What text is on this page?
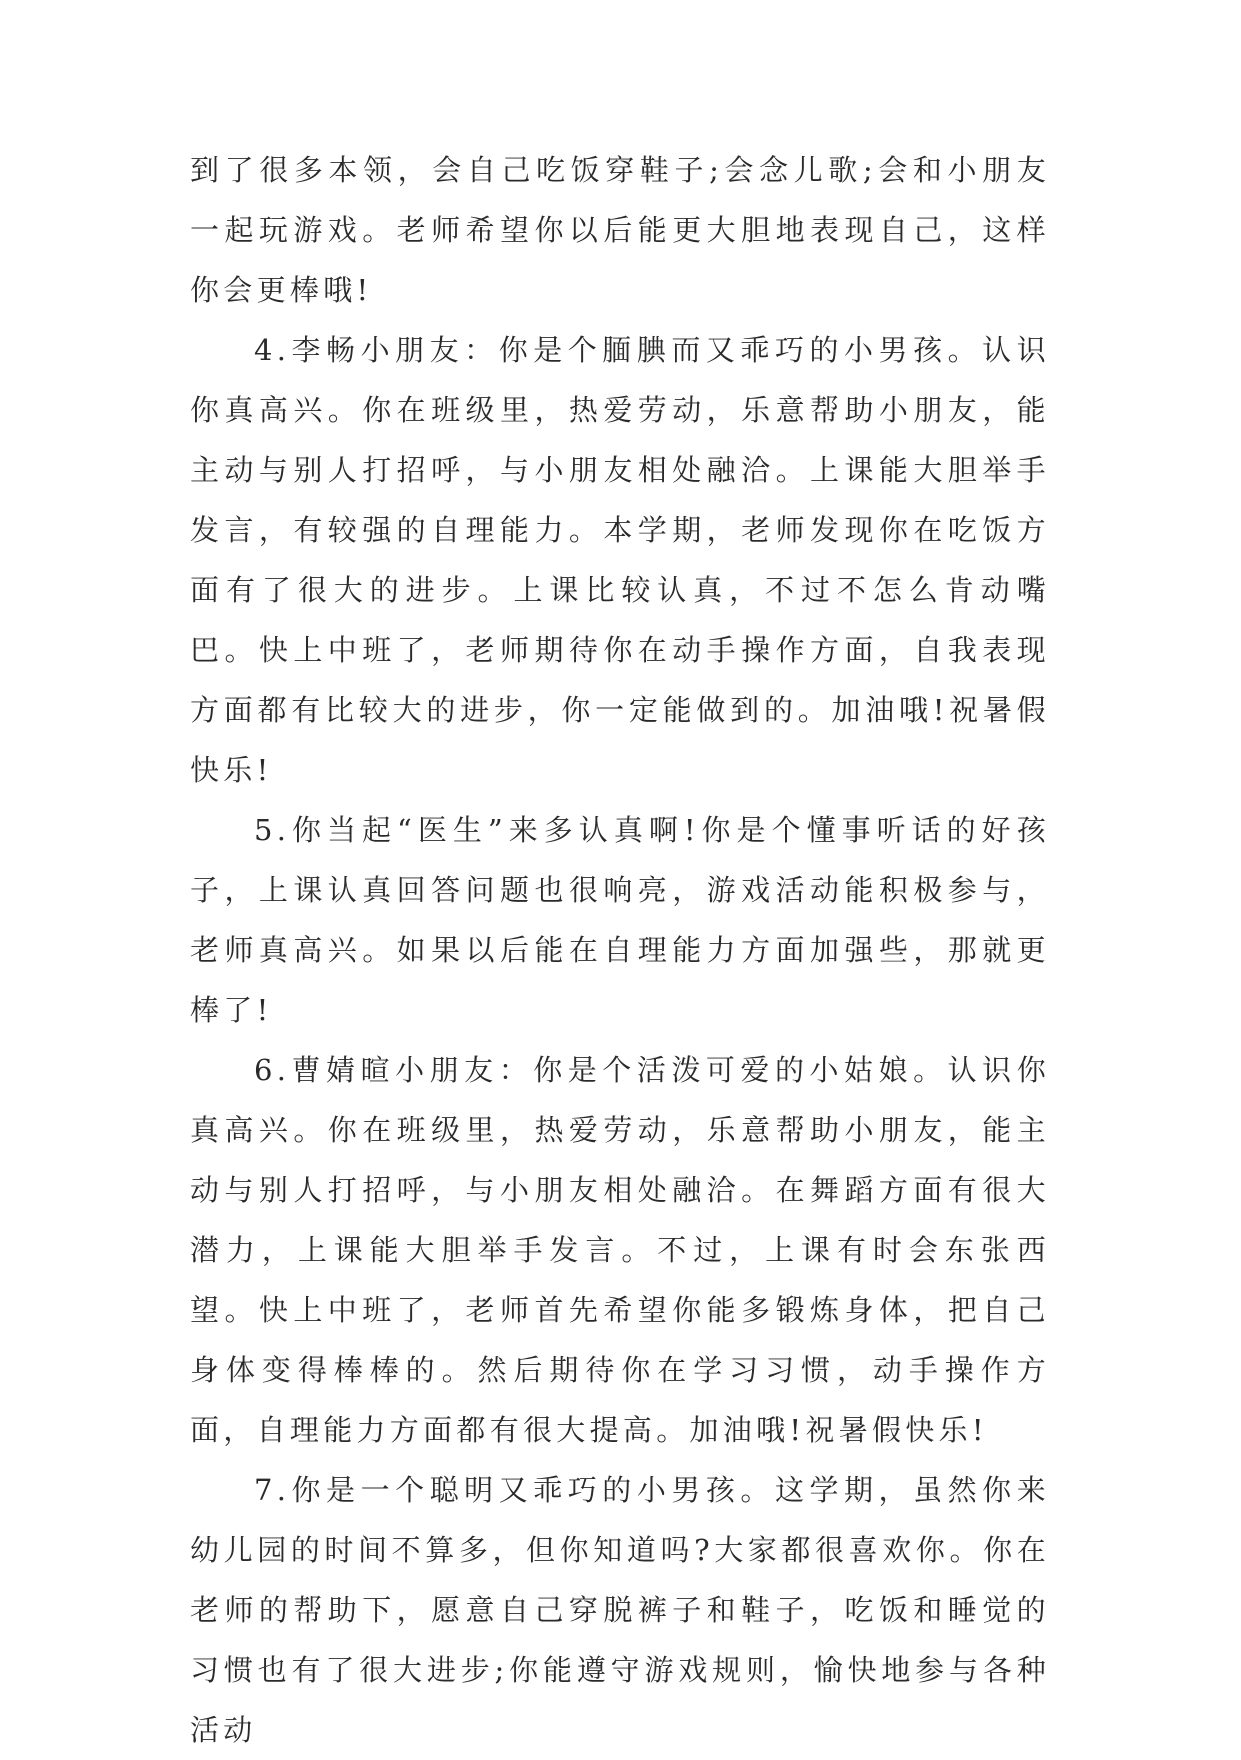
到了很多本领，会自己吃饭穿鞋子;会念儿歌;会和小朋友一起玩游戏。老师希望你以后能更大胆地表现自己，这样你会更棒哦!

4.李畅小朋友：你是个腼腆而又乖巧的小男孩。认识你真高兴。你在班级里，热爱劳动，乐意帮助小朋友，能主动与别人打招呼，与小朋友相处融洽。上课能大胆举手发言，有较强的自理能力。本学期，老师发现你在吃饭方面有了很大的进步。上课比较认真，不过不怎么肯动嘴巴。快上中班了，老师期待你在动手操作方面，自我表现方面都有比较大的进步，你一定能做到的。加油哦!祝暑假快乐!

5.你当起“医生”来多认真啊!你是个懂事听话的好孩子，上课认真回答问题也很响亮，游戏活动能积极参与，老师真高兴。如果以后能在自理能力方面加强些，那就更棒了!

6.曹婧暄小朋友：你是个活泼可爱的小姑娘。认识你真高兴。你在班级里，热爱劳动，乐意帮助小朋友，能主动与别人打招呼，与小朋友相处融洽。在舞蹈方面有很大潜力，上课能大胆举手发言。不过，上课有时会东张西望。快上中班了，老师首先希望你能多锻炼身体，把自己身体变得棒棒的。然后期待你在学习习惯，动手操作方面，自理能力方面都有很大提高。加油哦!祝暑假快乐!

7.你是一个聪明又乖巧的小男孩。这学期，虽然你来幼儿园的时间不算多，但你知道吗?大家都很喜欢你。你在老师的帮助下，愿意自己穿脱裤子和鞋子，吃饭和睡觉的习惯也有了很大进步;你能遵守游戏规则，愉快地参与各种活动
